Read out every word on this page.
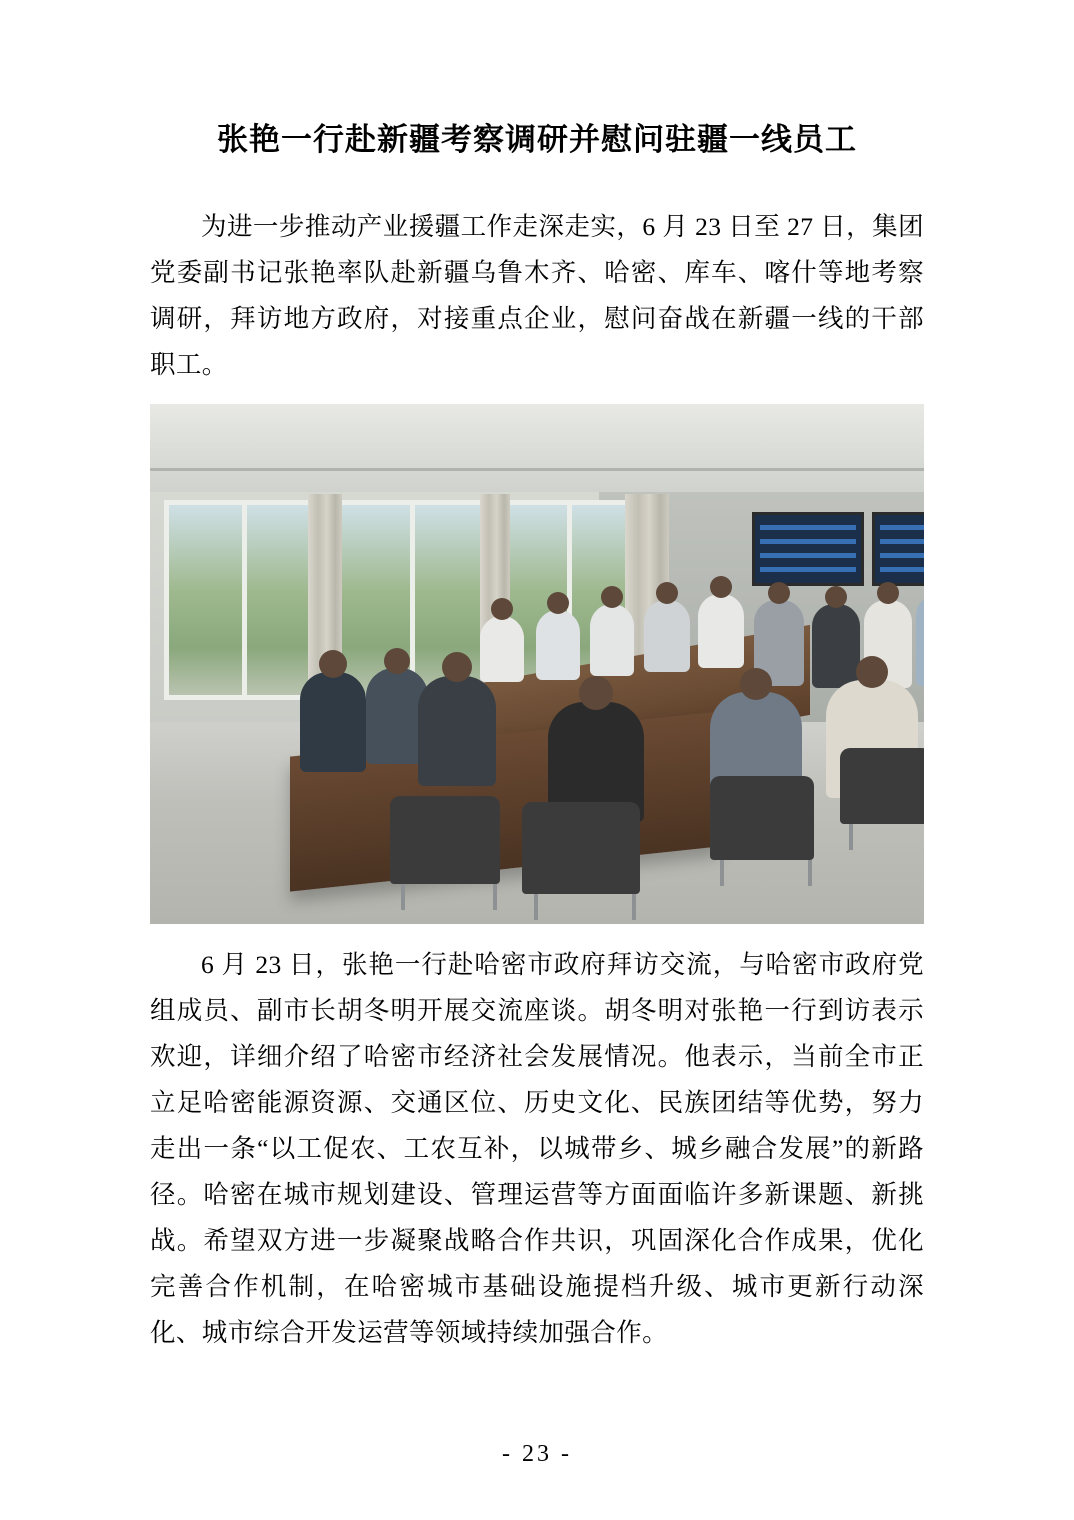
张艳一行赴新疆考察调研并慰问驻疆一线员工

为进一步推动产业援疆工作走深走实，6 月 23 日至 27 日，集团党委副书记张艳率队赴新疆乌鲁木齐、哈密、库车、喀什等地考察调研，拜访地方政府，对接重点企业，慰问奋战在新疆一线的干部职工。

6 月 23 日，张艳一行赴哈密市政府拜访交流，与哈密市政府党组成员、副市长胡冬明开展交流座谈。胡冬明对张艳一行到访表示欢迎，详细介绍了哈密市经济社会发展情况。他表示，当前全市正立足哈密能源资源、交通区位、历史文化、民族团结等优势，努力走出一条“以工促农、工农互补，以城带乡、城乡融合发展”的新路径。哈密在城市规划建设、管理运营等方面面临许多新课题、新挑战。希望双方进一步凝聚战略合作共识，巩固深化合作成果，优化完善合作机制，在哈密城市基础设施提档升级、城市更新行动深化、城市综合开发运营等领域持续加强合作。

- 23 -
